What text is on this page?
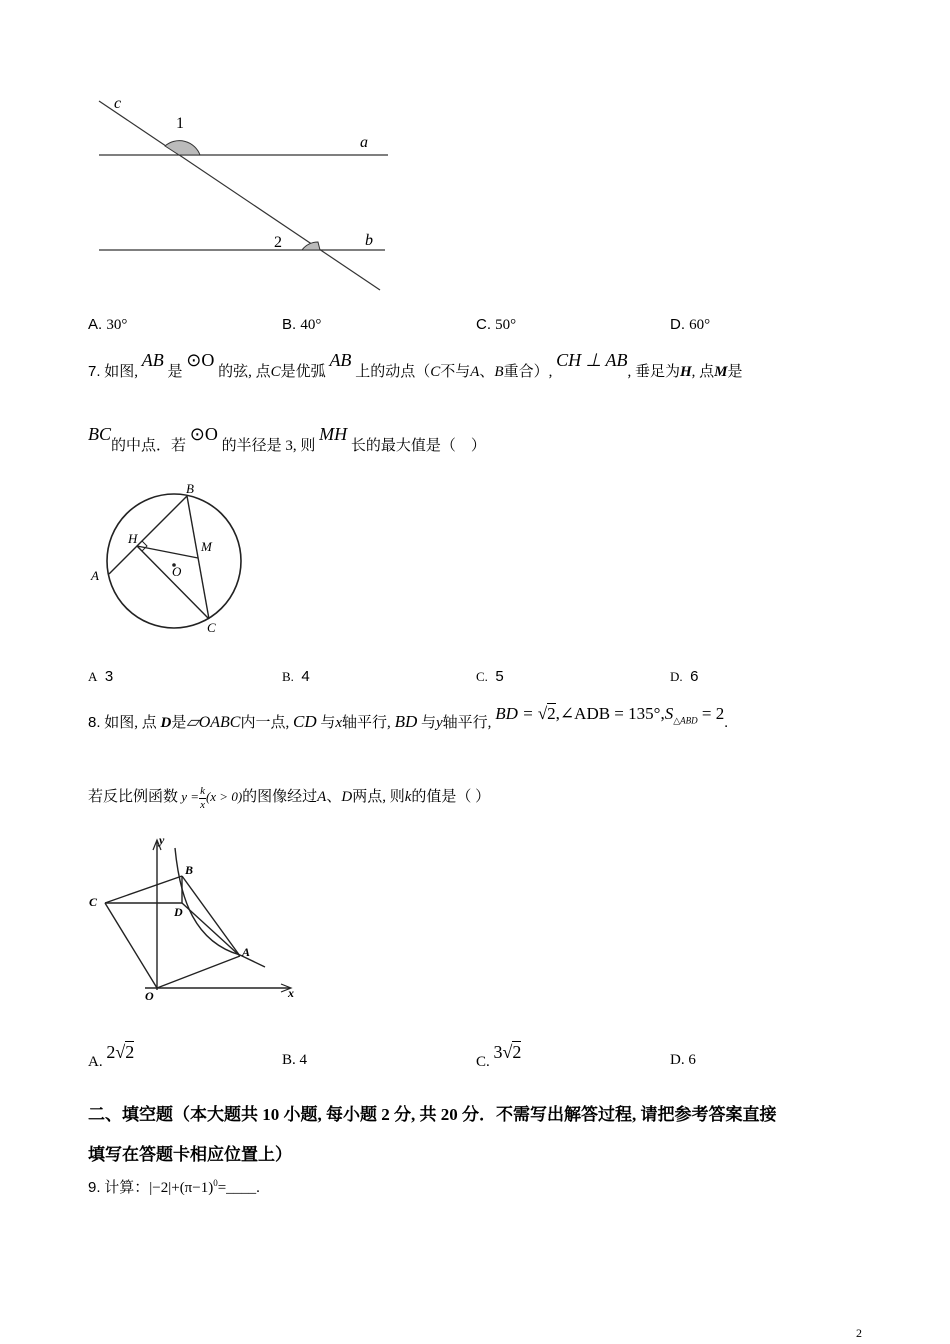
c
1
a
2	b
A. 30°	B. 40°	C. 50°	D. 60°
7. 如图, AB 是 ⊙O 的弦, 点C是优弧 AB 上的动点（C不与A、B重合）, CH ⊥ AB, 垂足为H, 点M是
BC的中点．若 ⊙O 的半径是 3, 则 MH 长的最大值是（　）
B
H
M
A	O
C
A 3	B. 4	C. 5	D. 6
8. 如图, 点 D是▱OABC内一点, CD 与x轴平行, BD 与y轴平行, BD = √2,∠ADB = $135^\circ,S_{\triangle ABD} = 2$.
若反比例函数 $y = \frac{k}{x} (x > 0)$的图像经过A、D两点, 则k的值是（ ）
y
B
C
D
A
O	x
A. 2√2	B. 4	C. 3√2	D. 6
二、填空题（本大题共 10 小题, 每小题 2 分, 共 20 分．不需写出解答过程, 请把参考答案直接
填写在答题卡相应位置上）
9. 计算：$|-2|+(\pi-1)^0=\_\_\_\_$.
2
